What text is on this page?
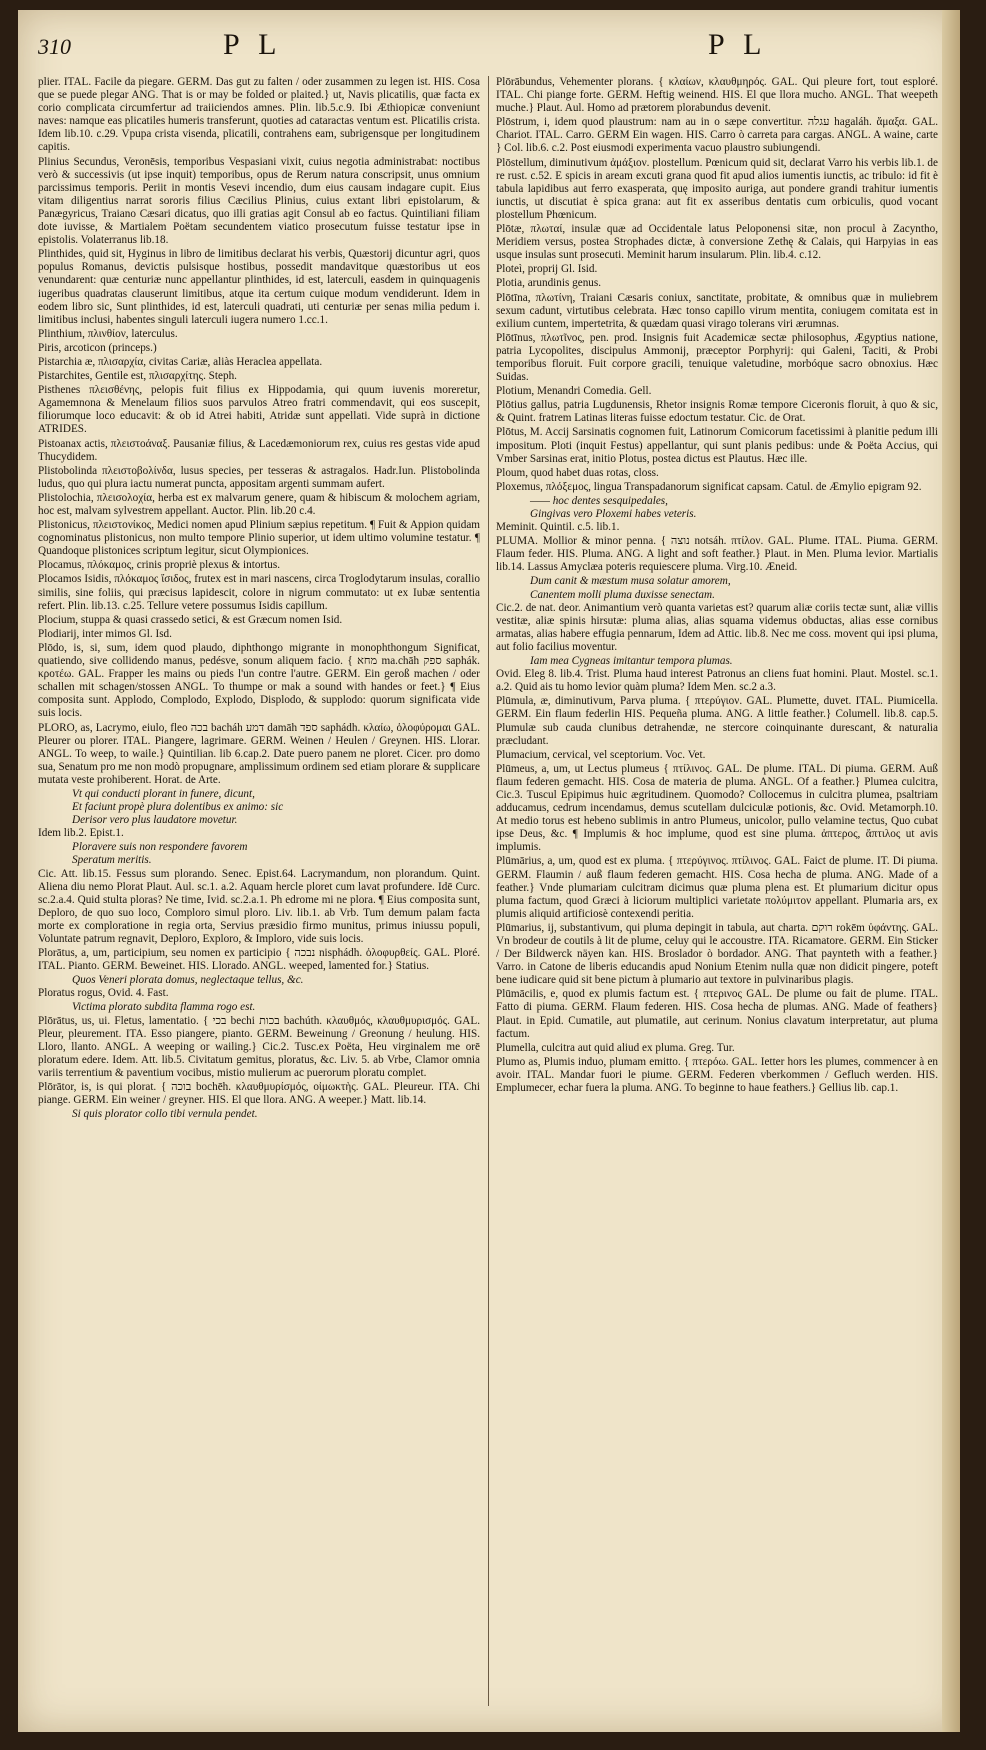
310	P L	P L

plier. ITAL. Facile da piegare. GERM. Das gut zu falten / oder zusammen zu legen ist. HIS. Cosa que se puede plegar ANG. That is or may be folded or plaited.} ut, Navis plicatilis, quæ facta ex corio complicata circumfertur ad traiiciendos amnes. Plin. lib.5.c.9. Ibi Æthiopicæ conveniunt naves: namque eas plicatiles humeris transferunt, quoties ad cataractas ventum est. Plicatilis crista. Idem lib.10. c.29. Vpupa crista visenda, plicatili, contrahens eam, subrigensque per longitudinem capitis.

Plinius Secundus, Veronēsis, temporibus Vespasiani vixit, cuius negotia administrabat: noctibus verò & successivis (ut ipse inquit) temporibus, opus de Rerum natura conscripsit, unus omnium parcissimus temporis. Periit in montis Vesevi incendio, dum eius causam indagare cupit. Eius vitam diligentius narrat sororis filius Cæcilius Plinius, cuius extant libri epistolarum, & Panægyricus, Traiano Cæsari dicatus, quo illi gratias agit Consul ab eo factus. Quintiliani filiam dote iuvisse, & Martialem Poëtam secundentem viatico prosecutum fuisse testatur ipse in epistolis. Volaterranus lib.18.

Plinthides, quid sit, Hyginus in libro de limitibus declarat his verbis, Quæstorij dicuntur agri, quos populus Romanus, devictis pulsisque hostibus, possedit mandavitque quæstoribus ut eos venundarent: quæ centuriæ nunc appellantur plinthides, id est, laterculi, easdem in quinquagenis iugeribus quadratas clauserunt limitibus, atque ita certum cuique modum vendiderunt. Idem in eodem libro sic, Sunt plinthides, id est, laterculi quadrati, uti centuriæ per senas milia pedum i. limitibus inclusi, habentes singuli laterculi iugera numero 1.cc.1.

Plinthium, πλινθίον, laterculus.

Piris, arcoticon (princeps.)

Pistarchia æ, πλισαρχία, civitas Cariæ, aliàs Heraclea appellata.

Pistarchites, Gentile est, πλισαρχίτης. Steph.

Pisthenes πλεισθένης, pelopis fuit filius ex Hippodamia, qui quum iuvenis moreretur, Agamemnona & Menelaum filios suos parvulos Atreo fratri commendavit, qui eos suscepit, filiorumque loco educavit: & ob id Atrei habiti, Atridæ sunt appellati. Vide suprà in dictione ATRIDES.

Pistoanax actis, πλειστοάναξ. Pausaniæ filius, & Lacedæmoniorum rex, cuius res gestas vide apud Thucydidem.

Plistobolinda πλειστοβολίνδα, lusus species, per tesseras & astragalos. Hadr.Iun. Plistobolinda ludus, quo qui plura iactu numerat puncta, appositam argenti summam aufert.

Plistolochia, πλεισολοχία, herba est ex malvarum genere, quam & hibiscum & molochem agriam, hoc est, malvam sylvestrem appellant. Auctor. Plin. lib.20 c.4.

Plistonicus, πλειστονίκος, Medici nomen apud Plinium sæpius repetitum. ¶ Fuit & Appion quidam cognominatus plistonicus, non multo tempore Plinio superior, ut idem ultimo volumine testatur. ¶ Quandoque plistonices scriptum legitur, sicut Olympionices.

Plocamus, πλόκαμος, crinis propriè plexus & intortus.

Plocamos Isidis, πλόκαμος ἴσιδος, frutex est in mari nascens, circa Troglodytarum insulas, corallio similis, sine foliis, qui præcisus lapidescit, colore in nigrum commutato: ut ex Iubæ sententia refert. Plin. lib.13. c.25. Tellure vetere possumus Isidis capillum.

Plocium, stuppa & quasi crassedo setici, & est Græcum nomen Isid.

Plodiarij, inter mimos Gl. Isd.

Plōdo, is, si, sum, idem quod plaudo, diphthongo migrante in monophthongum Significat, quatiendo, sive collidendo manus, pedésve, sonum aliquem facio. { מחא ma.chāh ספק saphák. κροτέω. GAL. Frapper les mains ou pieds l'un contre l'autre. GERM. Ein geroß machen / oder schallen mit schagen/stossen ANGL. To thumpe or mak a sound with handes or feet.} ¶ Eius composita sunt. Applodo, Complodo, Explodo, Displodo, & supplodo: quorum significata vide suis locis.

PLORO, as, Lacrymo, eiulo, fleo בכה bacháh דמע damāh ספד saphádh. κλαίω, ὀλοφύρομαι GAL. Pleurer ou plorer. ITAL. Piangere, lagrimare. GERM. Weinen / Heulen / Greynen. HIS. Llorar. ANGL. To weep, to waile.} Quintilian. lib 6.cap.2. Date puero panem ne ploret. Cicer. pro domo sua, Senatum pro me non modò propugnare, amplissimum ordinem sed etiam plorare & supplicare mutata veste prohiberent. Horat. de Arte.

Vt qui conducti plorant in funere, dicunt,

Et faciunt propè plura dolentibus ex animo: sic

Derisor vero plus laudatore movetur.

Idem lib.2. Epist.1.

Ploravere suis non respondere favorem

Speratum meritis.

Cic. Att. lib.15. Fessus sum plorando. Senec. Epist.64. Lacrymandum, non plorandum. Quint. Aliena diu nemo Plorat Plaut. Aul. sc.1. a.2. Aquam hercle ploret cum lavat profundere. Idē Curc. sc.2.a.4. Quid stulta ploras? Ne time, Ivid. sc.2.a.1. Ph edrome mi ne plora. ¶ Eius composita sunt, Deploro, de quo suo loco, Comploro simul ploro. Liv. lib.1. ab Vrb. Tum demum palam facta morte ex comploratione in regia orta, Servius præsidio firmo munitus, primus iniussu populi, Voluntate patrum regnavit, Deploro, Exploro, & Imploro, vide suis locis.

Plorātus, a, um, participium, seu nomen ex participio { נבכה nisphádh. ὀλοφυρθείς. GAL. Ploré. ITAL. Pianto. GERM. Beweinet. HIS. Llorado. ANGL. weeped, lamented for.} Statius.

Quos Veneri plorata domus, neglectaque tellus, &c.

Ploratus rogus, Ovid. 4. Fast.

Victima plorato subdita flamma rogo est.

Plōrātus, us, ui. Fletus, lamentatio. { בכי bechi בכות bachúth. κλαυθμός, κλαυθμυρισμός. GAL. Pleur, pleurement. ITA. Esso piangere, pianto. GERM. Beweinung / Greonung / heulung. HIS. Lloro, llanto. ANGL. A weeping or wailing.} Cic.2. Tusc.ex Poëta, Heu virginalem me orē ploratum edere. Idem. Att. lib.5. Civitatum gemitus, ploratus, &c. Liv. 5. ab Vrbe, Clamor omnia variis terrentium & paventium vocibus, mistio mulierum ac puerorum ploratu complet.

Plōrātor, is, is qui plorat. { בוכה bochēh. κλαυθμυρίσμός, οἰμωκτὴς. GAL. Pleureur. ITA. Chi piange. GERM. Ein weiner / greyner. HIS. El que llora. ANG. A weeper.} Matt. lib.14.

Si quis plorator collo tibi vernula pendet.

Plōrābundus, Vehementer plorans. { κλαίων, κλαυθμηρός. GAL. Qui pleure fort, tout esploré. ITAL. Chi piange forte. GERM. Heftig weinend. HIS. El que llora mucho. ANGL. That weepeth muche.} Plaut. Aul. Homo ad prætorem plorabundus devenit.

Plōstrum, i, idem quod plaustrum: nam au in o sæpe convertitur. עגלה hagaláh. ἅμαξα. GAL. Chariot. ITAL. Carro. GERM Ein wagen. HIS. Carro ò carreta para cargas. ANGL. A waine, carte } Col. lib.6. c.2. Post eiusmodi experimenta vacuo plaustro subiungendi.

Plōstellum, diminutivum ἁμάξιον. plostellum. Pœnicum quid sit, declarat Varro his verbis lib.1. de re rust. c.52. E spicis in aream excuti grana quod fit apud alios iumentis iunctis, ac tribulo: id fit è tabula lapidibus aut ferro exasperata, quę imposito auriga, aut pondere grandi trahitur iumentis iunctis, ut discutiat è spica grana: aut fit ex asseribus dentatis cum orbiculis, quod vocant plostellum Phœnicum.

Plōtæ, πλωταί, insulæ quæ ad Occidentale latus Peloponensi sitæ, non procul à Zacyntho, Meridiem versus, postea Strophades dictæ, à conversione Zethę & Calais, qui Harpyias in eas usque insulas sunt prosecuti. Meminit harum insularum. Plin. lib.4. c.12.

Ploteì, proprij Gl. Isid.

Plotia, arundinis genus.

Plōtīna, πλωτίνη, Traiani Cæsaris coniux, sanctitate, probitate, & omnibus quæ in muliebrem sexum cadunt, virtutibus celebrata. Hæc tonso capillo virum mentita, coniugem comitata est in exilium cuntem, impertetrita, & quædam quasi virago tolerans viri ærumnas.

Plōtīnus, πλωτῖνος, pen. prod. Insignis fuit Academicæ sectæ philosophus, Ægyptius natione, patria Lycopolites, discipulus Ammonij, præceptor Porphyrij: qui Galeni, Taciti, & Probi temporibus floruit. Fuit corpore gracili, tenuique valetudine, morbóque sacro obnoxius. Hæc Suidas.

Plotium, Menandri Comedia. Gell.

Plōtius gallus, patria Lugdunensis, Rhetor insignis Romæ tempore Ciceronis floruit, à quo & sic, & Quint. fratrem Latinas literas fuisse edoctum testatur. Cic. de Orat.

Plōtus, M. Accij Sarsinatis cognomen fuit, Latinorum Comicorum facetissimi à planitie pedum illi impositum. Ploti (inquit Festus) appellantur, qui sunt planis pedibus: unde & Poëta Accius, qui Vmber Sarsinas erat, initio Plotus, postea dictus est Plautus. Hæc ille.

Ploum, quod habet duas rotas, closs.

Ploxemus, πλόξεμος, lingua Transpadanorum significat capsam. Catul. de Æmylio epigram 92.

—— hoc dentes sesquipedales,

Gingivas vero Ploxemi habes veteris.

Meminit. Quintil. c.5. lib.1.

PLUMA. Mollior & minor penna. { נוצה notsáh. πτίλον. GAL. Plume. ITAL. Piuma. GERM. Flaum feder. HIS. Pluma. ANG. A light and soft feather.} Plaut. in Men. Pluma levior. Martialis lib.14. Lassus Amyclæa poteris requiescere pluma. Virg.10. Æneid.

Dum canit & mæstum musa solatur amorem,

Canentem molli pluma duxisse senectam.

Cic.2. de nat. deor. Animantium verò quanta varietas est? quarum aliæ coriis tectæ sunt, aliæ villis vestitæ, aliæ spinis hirsutæ: pluma alias, alias squama videmus obductas, alias esse cornibus armatas, alias habere effugia pennarum, Idem ad Attic. lib.8. Nec me coss. movent qui ipsi pluma, aut folio facilius moventur.

Iam mea Cygneas imitantur tempora plumas.

Ovid. Eleg 8. lib.4. Trist. Pluma haud interest Patronus an cliens fuat homini. Plaut. Mostel. sc.1. a.2. Quid ais tu homo levior quàm pluma? Idem Men. sc.2 a.3.

Plūmula, æ, diminutivum, Parva pluma. { πτερύγιον. GAL. Plumette, duvet. ITAL. Piumicella. GERM. Ein flaum federlin HIS. Pequeña pluma. ANG. A little feather.} Columell. lib.8. cap.5. Plumulæ sub cauda clunibus detrahendæ, ne stercore coinquinante durescant, & naturalia præcludant.

Plumacium, cervical, vel sceptorium. Voc. Vet.

Plūmeus, a, um, ut Lectus plumeus { πτίλινος. GAL. De plume. ITAL. Di piuma. GERM. Auß flaum federen gemacht. HIS. Cosa de materia de pluma. ANGL. Of a feather.} Plumea culcitra, Cic.3. Tuscul Epipimus huic ægritudinem. Quomodo? Collocemus in culcitra plumea, psaltriam adducamus, cedrum incendamus, demus scutellam dulciculæ potionis, &c. Ovid. Metamorph.10. At medio torus est hebeno sublimis in antro Plumeus, unicolor, pullo velamine tectus, Quo cubat ipse Deus, &c. ¶ Implumis & hoc implume, quod est sine pluma. ἀπτερος, ἄπτιλος ut avis implumis.

Plūmārius, a, um, quod est ex pluma. { πτερύγινος. πτίλινος. GAL. Faict de plume. IT. Di piuma. GERM. Flaumin / auß flaum federen gemacht. HIS. Cosa hecha de pluma. ANG. Made of a feather.} Vnde plumariam culcitram dicimus quæ pluma plena est. Et plumarium dicitur opus pluma factum, quod Græci à liciorum multiplici varietate πολύμιτον appellant. Plumaria ars, ex plumis aliquid artificiosè contexendi peritia.

Plūmarius, ij, substantivum, qui pluma depingit in tabula, aut charta. רוקם rokēm ὑφάντης. GAL. Vn brodeur de coutils à lit de plume, celuy qui le accoustre. ITA. Ricamatore. GERM. Ein Sticker / Der Bildwerck näyen kan. HIS. Broslador ò bordador. ANG. That paynteth with a feather.} Varro. in Catone de liberis educandis apud Nonium Etenim nulla quæ non didicit pingere, poteft bene iudicare quid sit bene pictum à plumario aut textore in pulvinaribus plagis.

Plūmācilis, e, quod ex plumis factum est. { πτερινος GAL. De plume ou fait de plume. ITAL. Fatto di piuma. GERM. Flaum federen. HIS. Cosa hecha de plumas. ANG. Made of feathers} Plaut. in Epid. Cumatile, aut plumatile, aut cerinum. Nonius clavatum interpretatur, aut pluma factum.

Plumella, culcitra aut quid aliud ex pluma. Greg. Tur.

Plumo as, Plumis induo, plumam emitto. { πτερόω. GAL. Ietter hors les plumes, commencer à en avoir. ITAL. Mandar fuori le piume. GERM. Federen vberkommen / Gefluch werden. HIS. Emplumecer, echar fuera la pluma. ANG. To beginne to haue feathers.} Gellius lib. cap.1.
